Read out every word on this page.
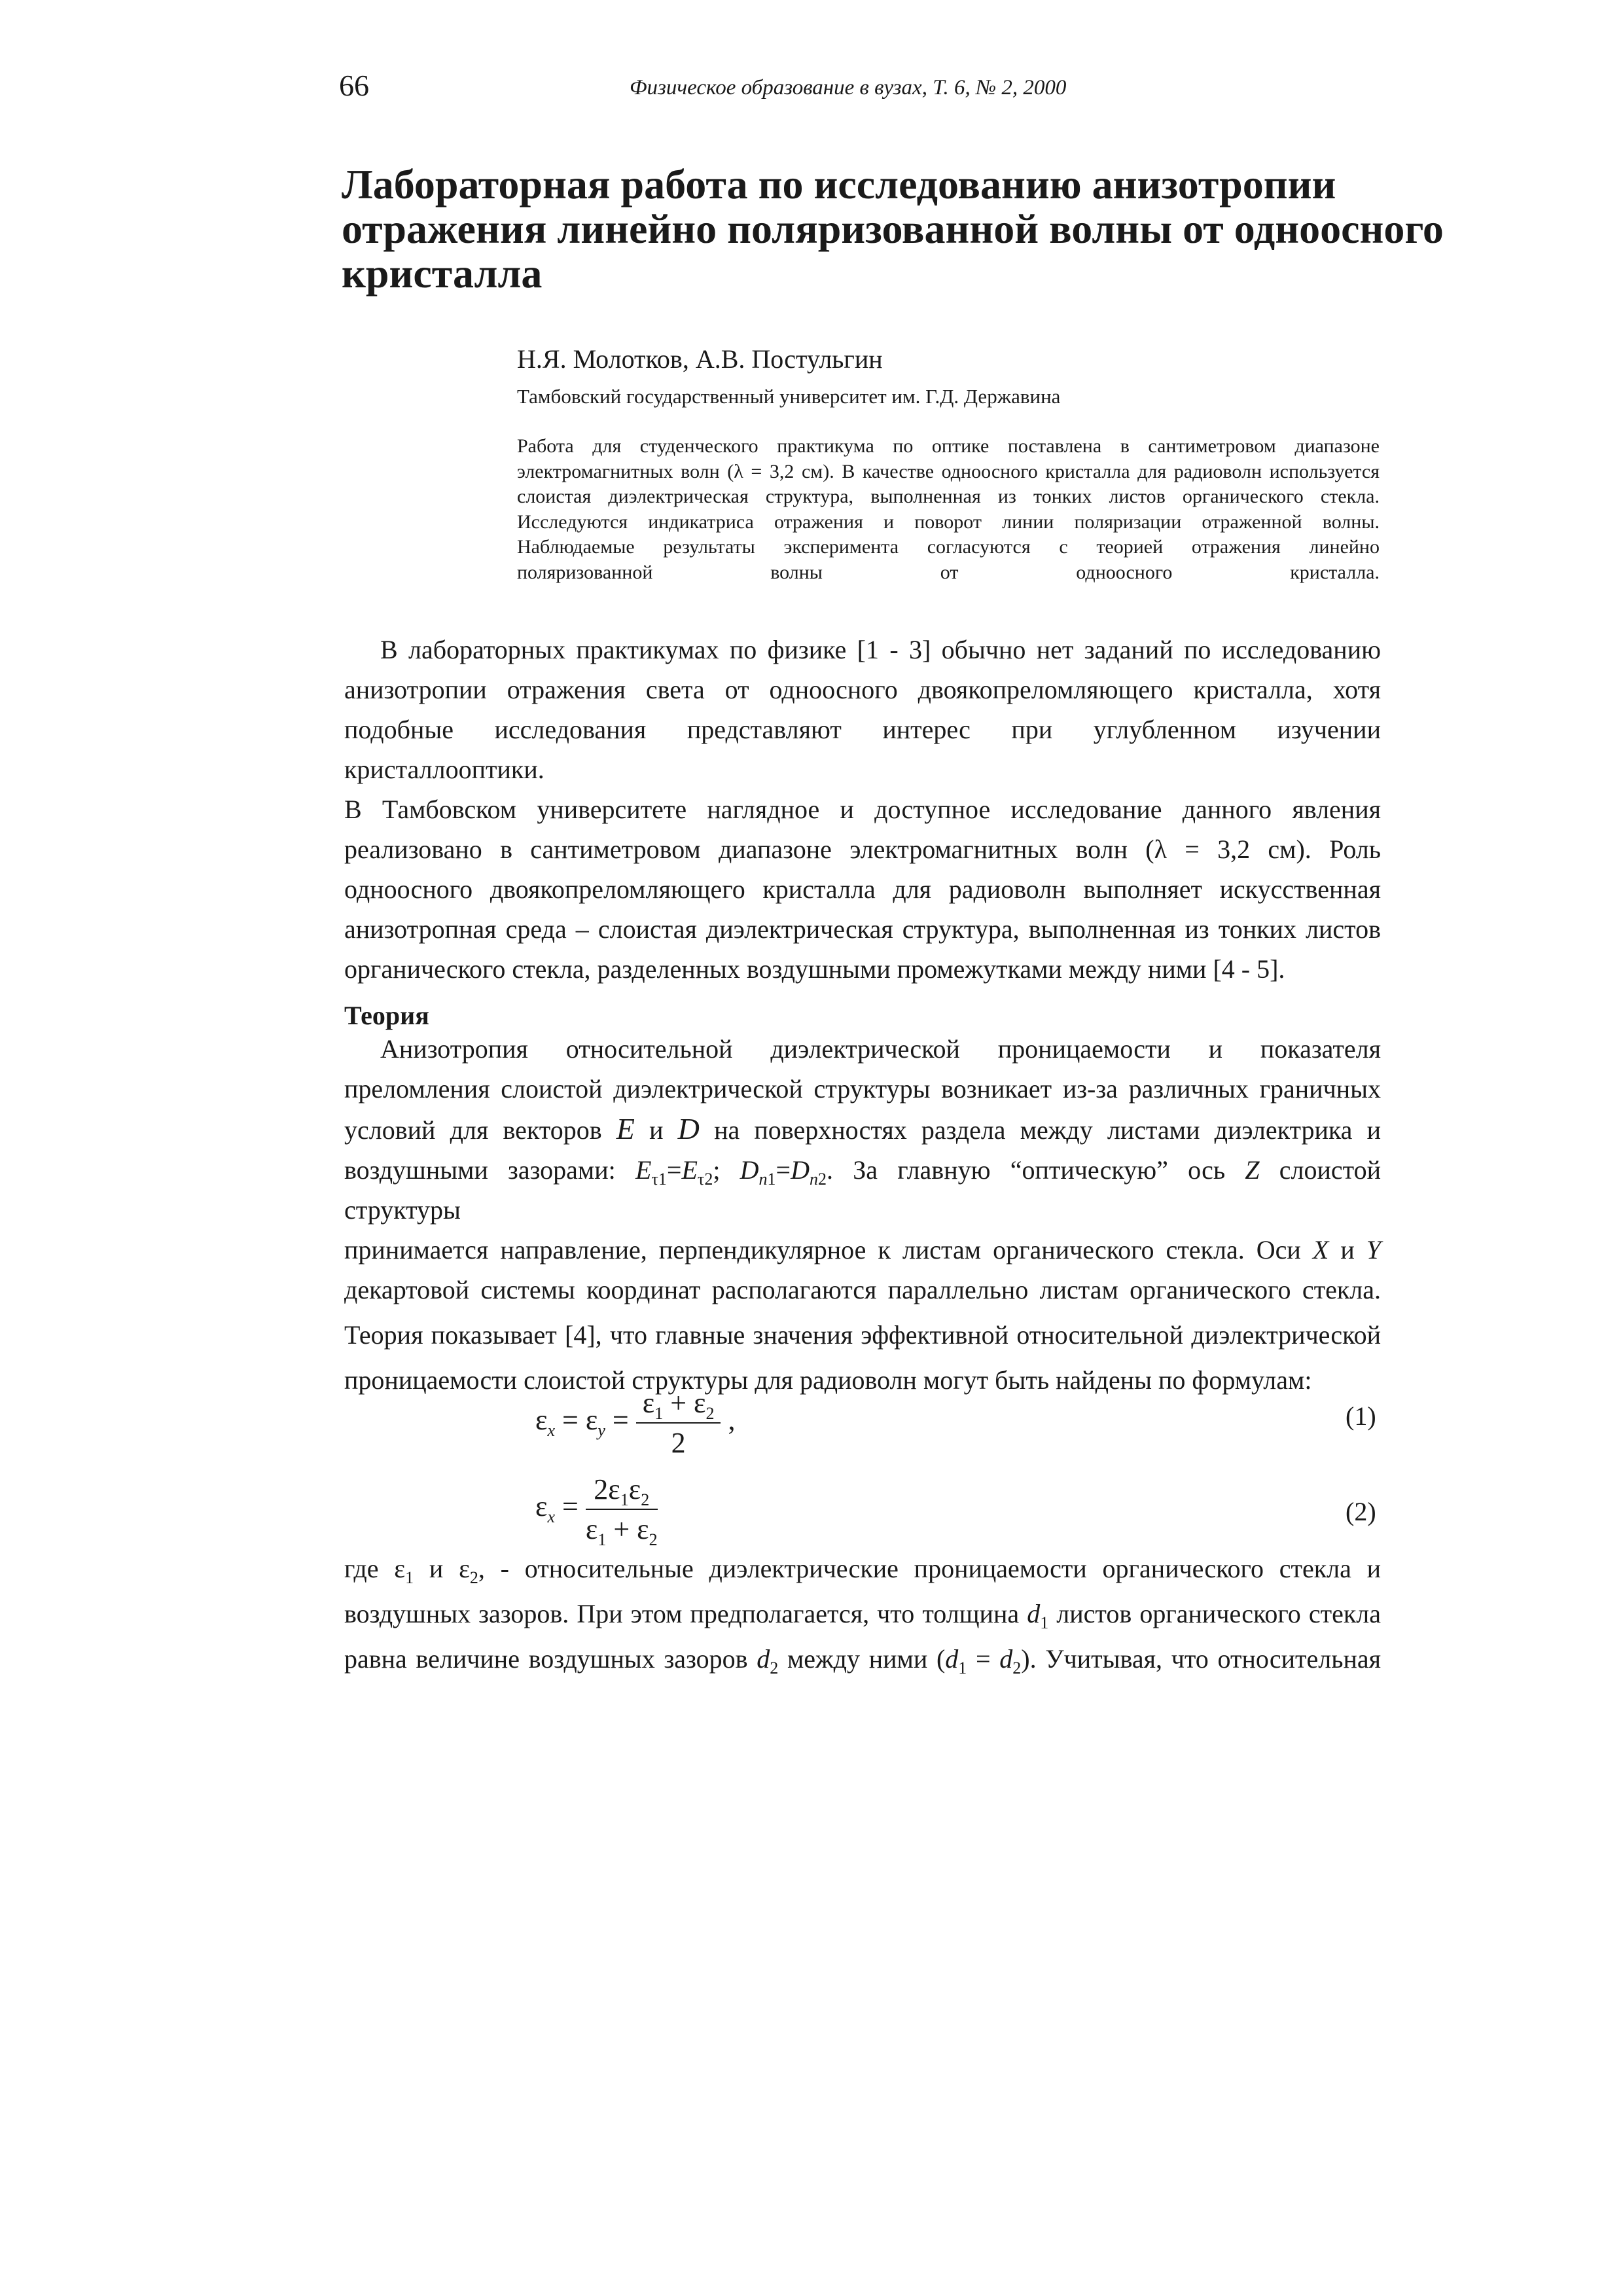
66	Физическое образование в вузах, Т. 6, № 2, 2000
Лабораторная работа по исследованию анизотропии отражения линейно поляризованной волны от одноосного кристалла
Н.Я. Молотков, А.В. Постульгин
Тамбовский государственный университет им. Г.Д. Державина
Работа для студенческого практикума по оптике поставлена в сантиметровом диапазоне
электромагнитных волн (λ = 3,2 см). В качестве одноосного кристалла для радиоволн используется
слоистая диэлектрическая структура, выполненная из тонких листов органического стекла.
Исследуются индикатриса отражения и поворот линии поляризации отраженной волны.
Наблюдаемые результаты эксперимента согласуются с теорией отражения линейно
поляризованной волны от одноосного кристалла.
В лабораторных практикумах по физике [1 - 3] обычно нет заданий по исследованию
анизотропии отражения света от одноосного двоякопреломляющего кристалла, хотя
подобные исследования представляют интерес при углубленном изучении кристаллооптики.
В Тамбовском университете наглядное и доступное исследование данного явления
реализовано в сантиметровом диапазоне электромагнитных волн (λ = 3,2 см). Роль
одноосного двоякопреломляющего кристалла для радиоволн выполняет искусственная
анизотропная среда – слоистая диэлектрическая структура, выполненная из тонких листов
органического стекла, разделенных воздушными промежутками между ними [4 - 5].
Теория
Анизотропия относительной диэлектрической проницаемости и показателя
преломления слоистой диэлектрической структуры возникает из-за различных граничных
условий для векторов E и D на поверхностях раздела между листами диэлектрика и
воздушными зазорами: $E_{\tau 1}=E_{\tau 2}$; $D_{n1}=D_{n2}$. За главную “оптическую” ось Z слоистой структуры
принимается направление, перпендикулярное к листам органического стекла. Оси X и Y
декартовой системы координат располагаются параллельно листам органического стекла.
Теория показывает [4], что главные значения эффективной относительной диэлектрической
проницаемости слоистой структуры для радиоволн могут быть найдены по формулам:
$\varepsilon_x = \varepsilon_y = \frac{\varepsilon_1 + \varepsilon_2}{2}$ ,	(1)
$\varepsilon_x = \frac{2\varepsilon_1\varepsilon_2}{\varepsilon_1 + \varepsilon_2}$	(2)
где $\varepsilon_1$ и $\varepsilon_2$, - относительные диэлектрические проницаемости органического стекла и
воздушных зазоров. При этом предполагается, что толщина $d_1$ листов органического стекла
равна величине воздушных зазоров $d_2$ между ними $(d_1 = d_2)$. Учитывая, что относительная
